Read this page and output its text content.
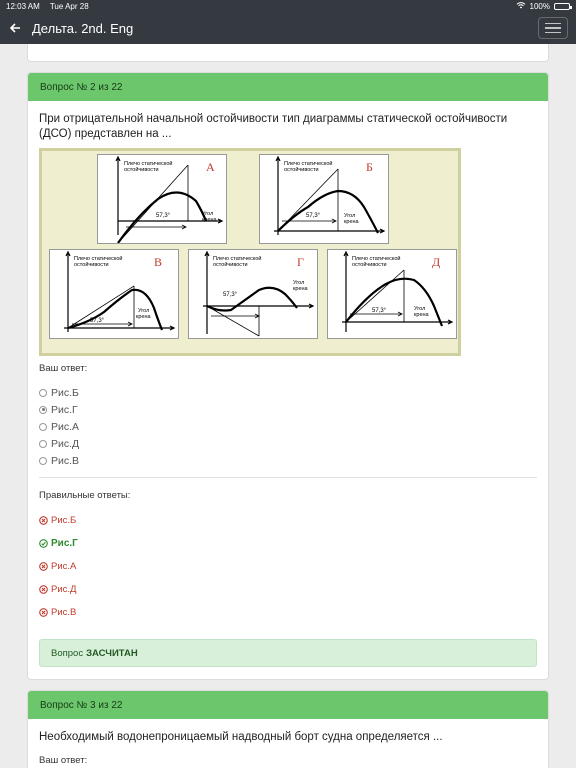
12:03 AM Tue Apr 28	100%
Дельта. 2nd. Eng
Вопрос № 2 из 22
При отрицательной начальной остойчивости тип диаграммы статической остойчивости (ДСО) представлен на ...
Плечо статической
остойчивости
57,3°	Угол
крена
А	Плечо статической
остойчивости
57,3°	Угол
крена
Б
Плечо статической
остойчивости
57,3°
Угол
крена
В	Плечо статической
остойчивости
57,3°
Угол
крена
Г	Плечо статической
остойчивости
57,3°	Угол
крена
Д
Ваш ответ:
Рис.Б
Рис.Г
Рис.А
Рис.Д
Рис.В
Правильные ответы:
Рис.Б
Рис.Г
Рис.А
Рис.Д
Рис.В
Вопрос ЗАСЧИТАН
Вопрос № 3 из 22
Необходимый водонепроницаемый надводный борт судна определяется ...
Ваш ответ:
